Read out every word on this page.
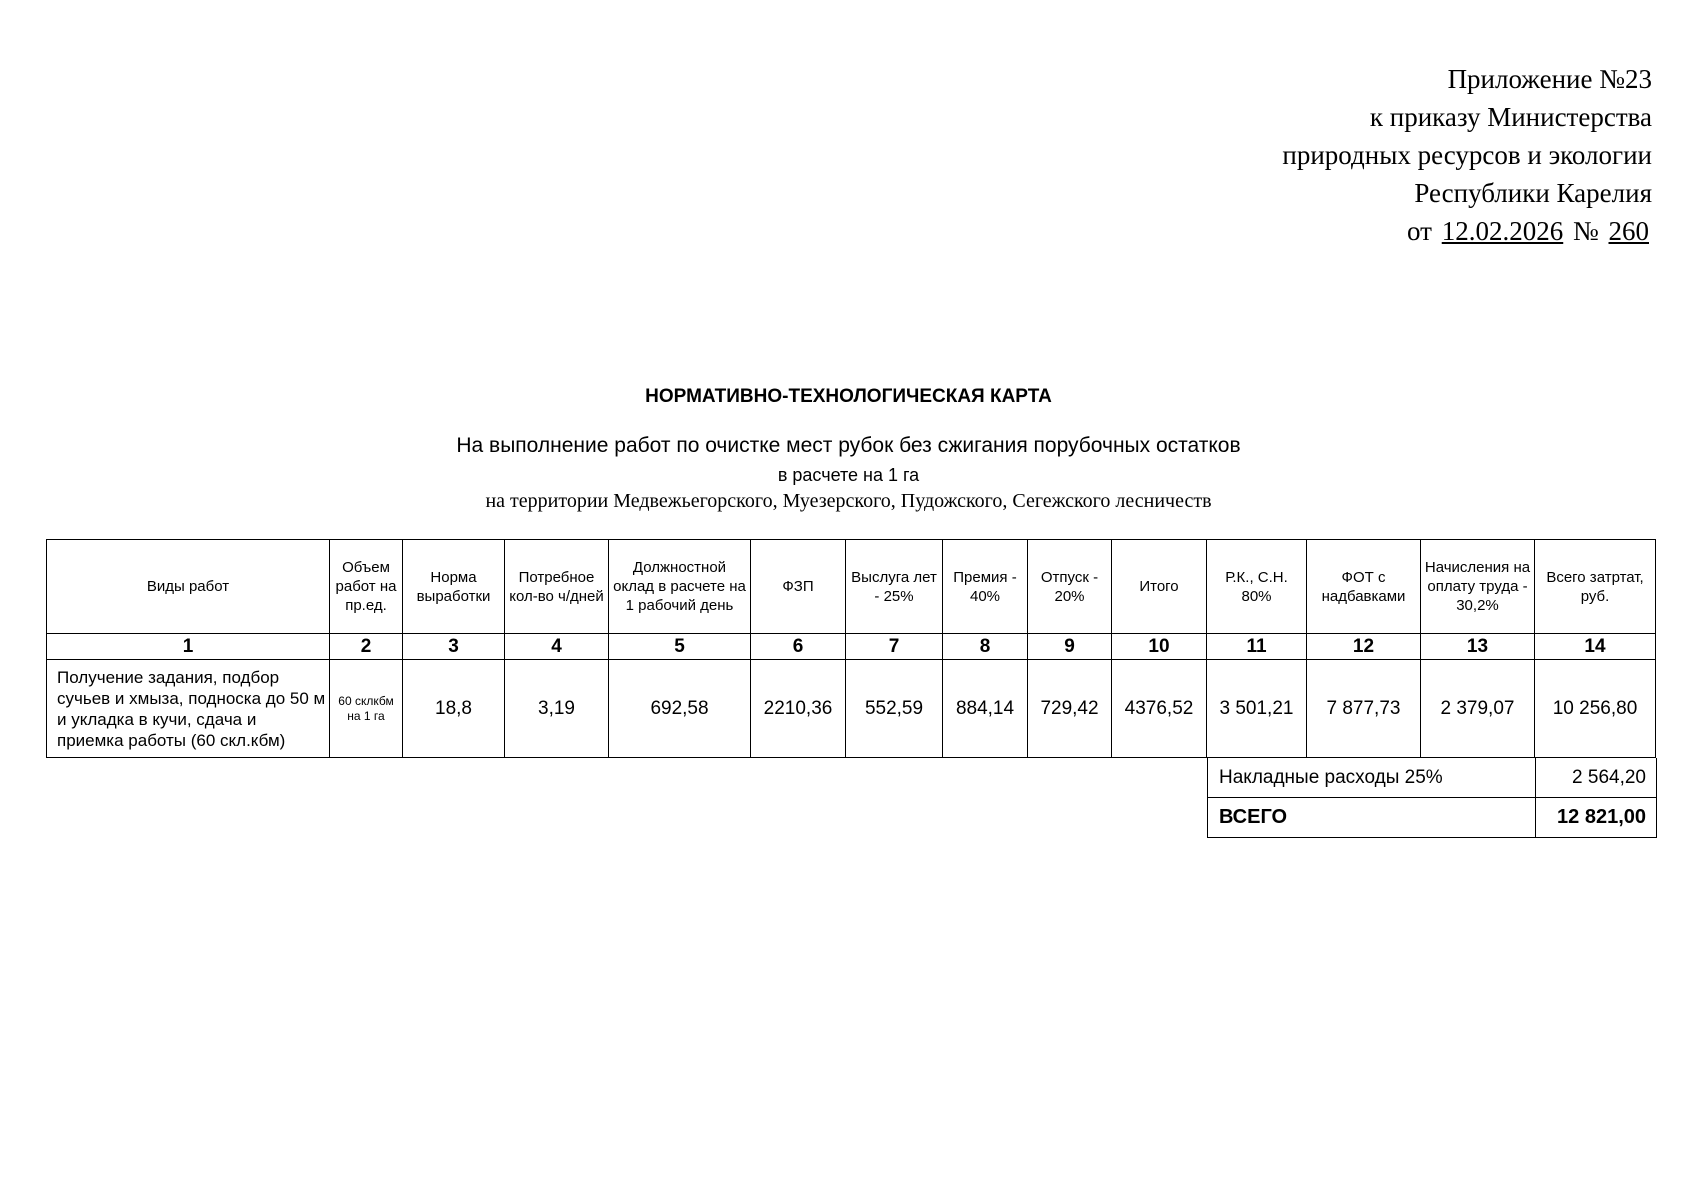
Приложение №23
к приказу Министерства
природных ресурсов и экологии
Республики Карелия
от 12.02.2026 № 260
НОРМАТИВНО-ТЕХНОЛОГИЧЕСКАЯ КАРТА
На выполнение работ по очистке мест рубок без сжигания порубочных остатков
в расчете на 1 га
на территории Медвежьегорского, Муезерского, Пудожского, Сегежского лесничеств
Виды работ	Объем работ на пр.ед.	Норма выработки	Потребное кол-во ч/дней	Должностной оклад в расчете на 1 рабочий день	ФЗП	Выслуга лет - 25%	Премия - 40%	Отпуск - 20%	Итого	Р.К., С.Н. 80%	ФОТ с надбавками	Начисления на оплату труда - 30,2%	Всего затртат, руб.
1	2	3	4	5	6	7	8	9	10	11	12	13	14
Получение задания, подбор сучьев и хмыза, подноска до 50 м и укладка в кучи, сдача и приемка работы (60 скл.кбм)	60 склкбм на 1 га	18,8	3,19	692,58	2210,36	552,59	884,14	729,42	4376,52	3 501,21	7 877,73	2 379,07	10 256,80
Накладные расходы 25%	2 564,20
ВСЕГО	12 821,00
